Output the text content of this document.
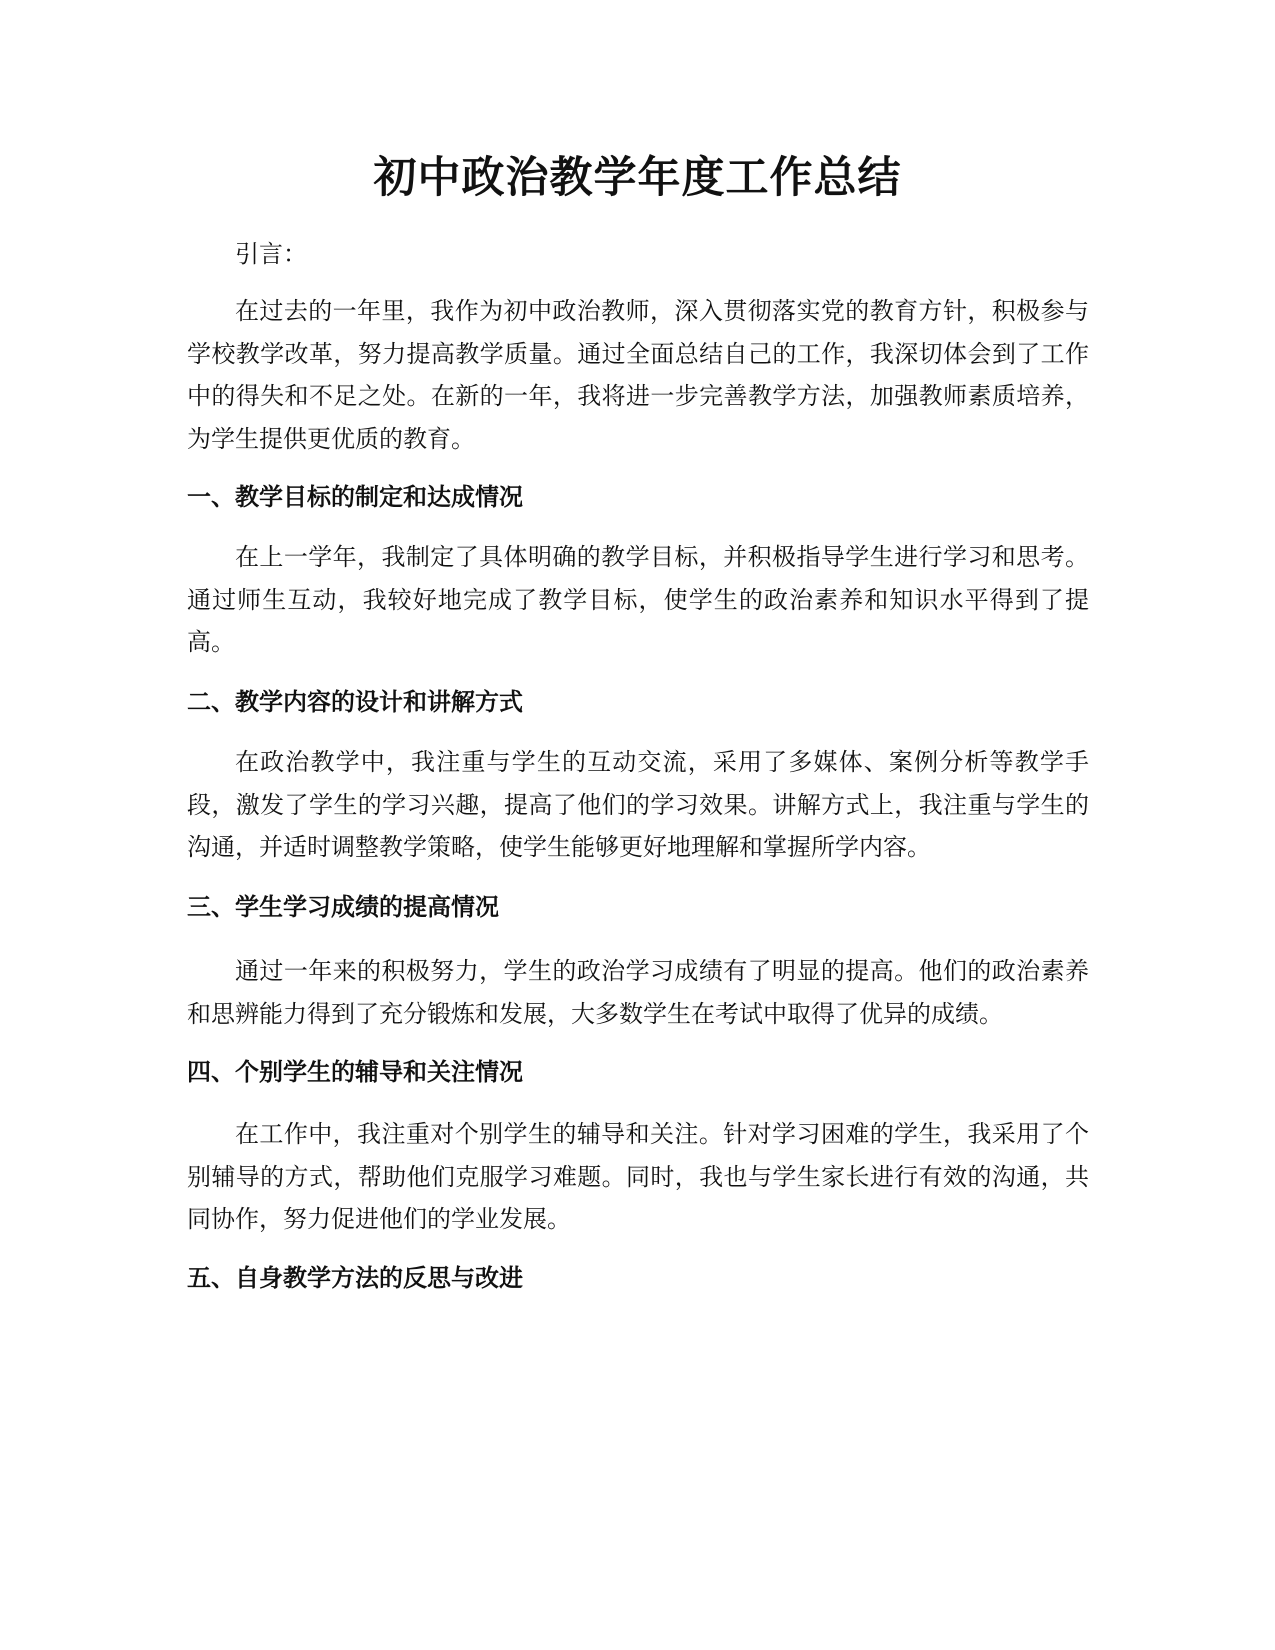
初中政治教学年度工作总结
引言：
在过去的一年里，我作为初中政治教师，深入贯彻落实党的教育方针，积极参与学校教学改革，努力提高教学质量。通过全面总结自己的工作，我深切体会到了工作中的得失和不足之处。在新的一年，我将进一步完善教学方法，加强教师素质培养，为学生提供更优质的教育。
一、教学目标的制定和达成情况
在上一学年，我制定了具体明确的教学目标，并积极指导学生进行学习和思考。通过师生互动，我较好地完成了教学目标，使学生的政治素养和知识水平得到了提高。
二、教学内容的设计和讲解方式
在政治教学中，我注重与学生的互动交流，采用了多媒体、案例分析等教学手段，激发了学生的学习兴趣，提高了他们的学习效果。讲解方式上，我注重与学生的沟通，并适时调整教学策略，使学生能够更好地理解和掌握所学内容。
三、学生学习成绩的提高情况
通过一年来的积极努力，学生的政治学习成绩有了明显的提高。他们的政治素养和思辨能力得到了充分锻炼和发展，大多数学生在考试中取得了优异的成绩。
四、个别学生的辅导和关注情况
在工作中，我注重对个别学生的辅导和关注。针对学习困难的学生，我采用了个别辅导的方式，帮助他们克服学习难题。同时，我也与学生家长进行有效的沟通，共同协作，努力促进他们的学业发展。
五、自身教学方法的反思与改进
